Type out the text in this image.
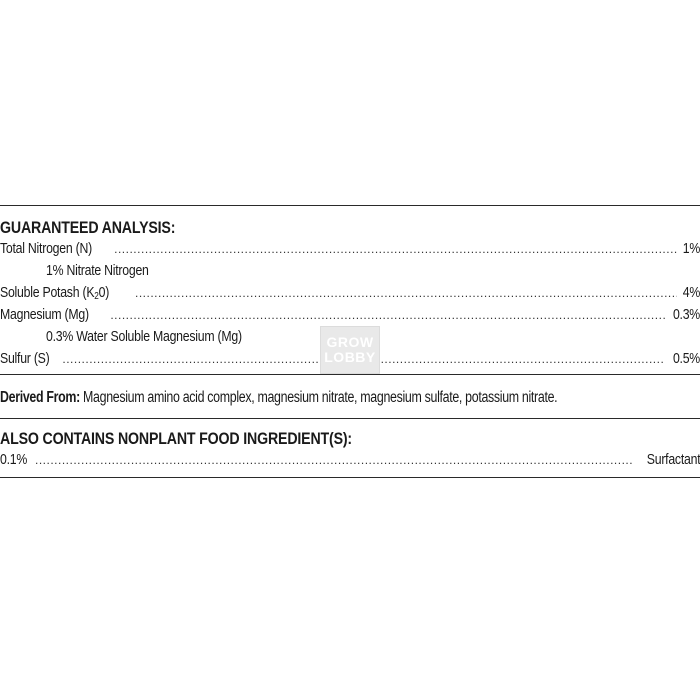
GUARANTEED ANALYSIS:
Total Nitrogen (N) .....	1%
1% Nitrate Nitrogen
Soluble Potash $(K_20)$ .....	4%
Magnesium (Mg) .....	0.3%
0.3% Water Soluble Magnesium (Mg)
Sulfur (S) .....	0.5%
Derived From: Magnesium amino acid complex, magnesium nitrate, magnesium sulfate, potassium nitrate.
ALSO CONTAINS NONPLANT FOOD INGREDIENT(S):
0.1% .....	Surfactant
GROW
LOBBY
